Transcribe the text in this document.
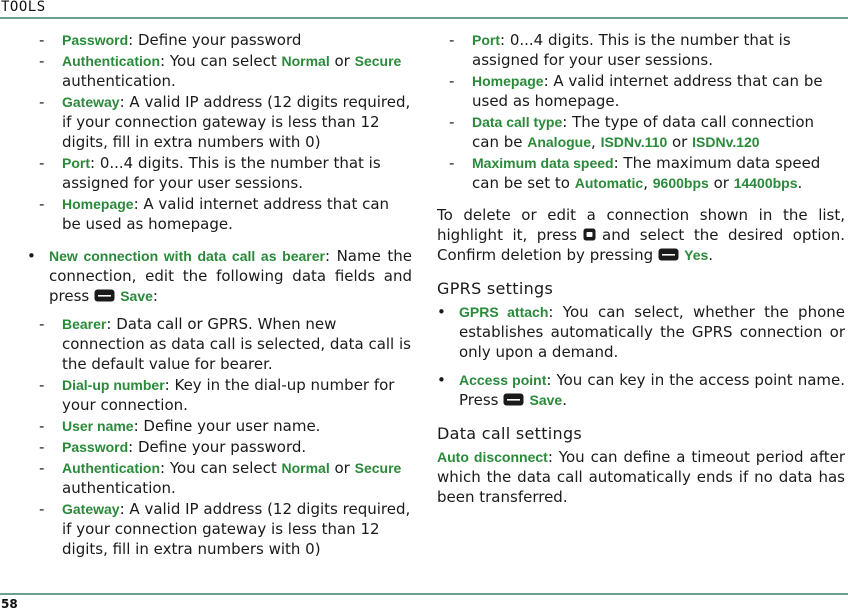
TOOLS
- Password: Define your password
- Authentication: You can select Normal or Secure authentication.
- Gateway: A valid IP address (12 digits required, if your connection gateway is less than 12 digits, fill in extra numbers with 0)
- Port: 0...4 digits. This is the number that is assigned for your user sessions.
- Homepage: A valid internet address that can be used as homepage.
• New connection with data call as bearer: Name the connection, edit the following data fields and press Save:
- Bearer: Data call or GPRS. When new connection as data call is selected, data call is the default value for bearer.
- Dial-up number: Key in the dial-up number for your connection.
- User name: Define your user name.
- Password: Define your password.
- Authentication: You can select Normal or Secure authentication.
- Gateway: A valid IP address (12 digits required, if your connection gateway is less than 12 digits, fill in extra numbers with 0)
- Port: 0...4 digits. This is the number that is assigned for your user sessions.
- Homepage: A valid internet address that can be used as homepage.
- Data call type: The type of data call connection can be Analogue, ISDNv.110 or ISDNv.120
- Maximum data speed: The maximum data speed can be set to Automatic, 9600bps or 14400bps.
To delete or edit a connection shown in the list, highlight it, press and select the desired option. Confirm deletion by pressing Yes.
GPRS settings
• GPRS attach: You can select, whether the phone establishes automatically the GPRS connection or only upon a demand.
• Access point: You can key in the access point name. Press Save.
Data call settings
Auto disconnect: You can define a timeout period after which the data call automatically ends if no data has been transferred.
58
